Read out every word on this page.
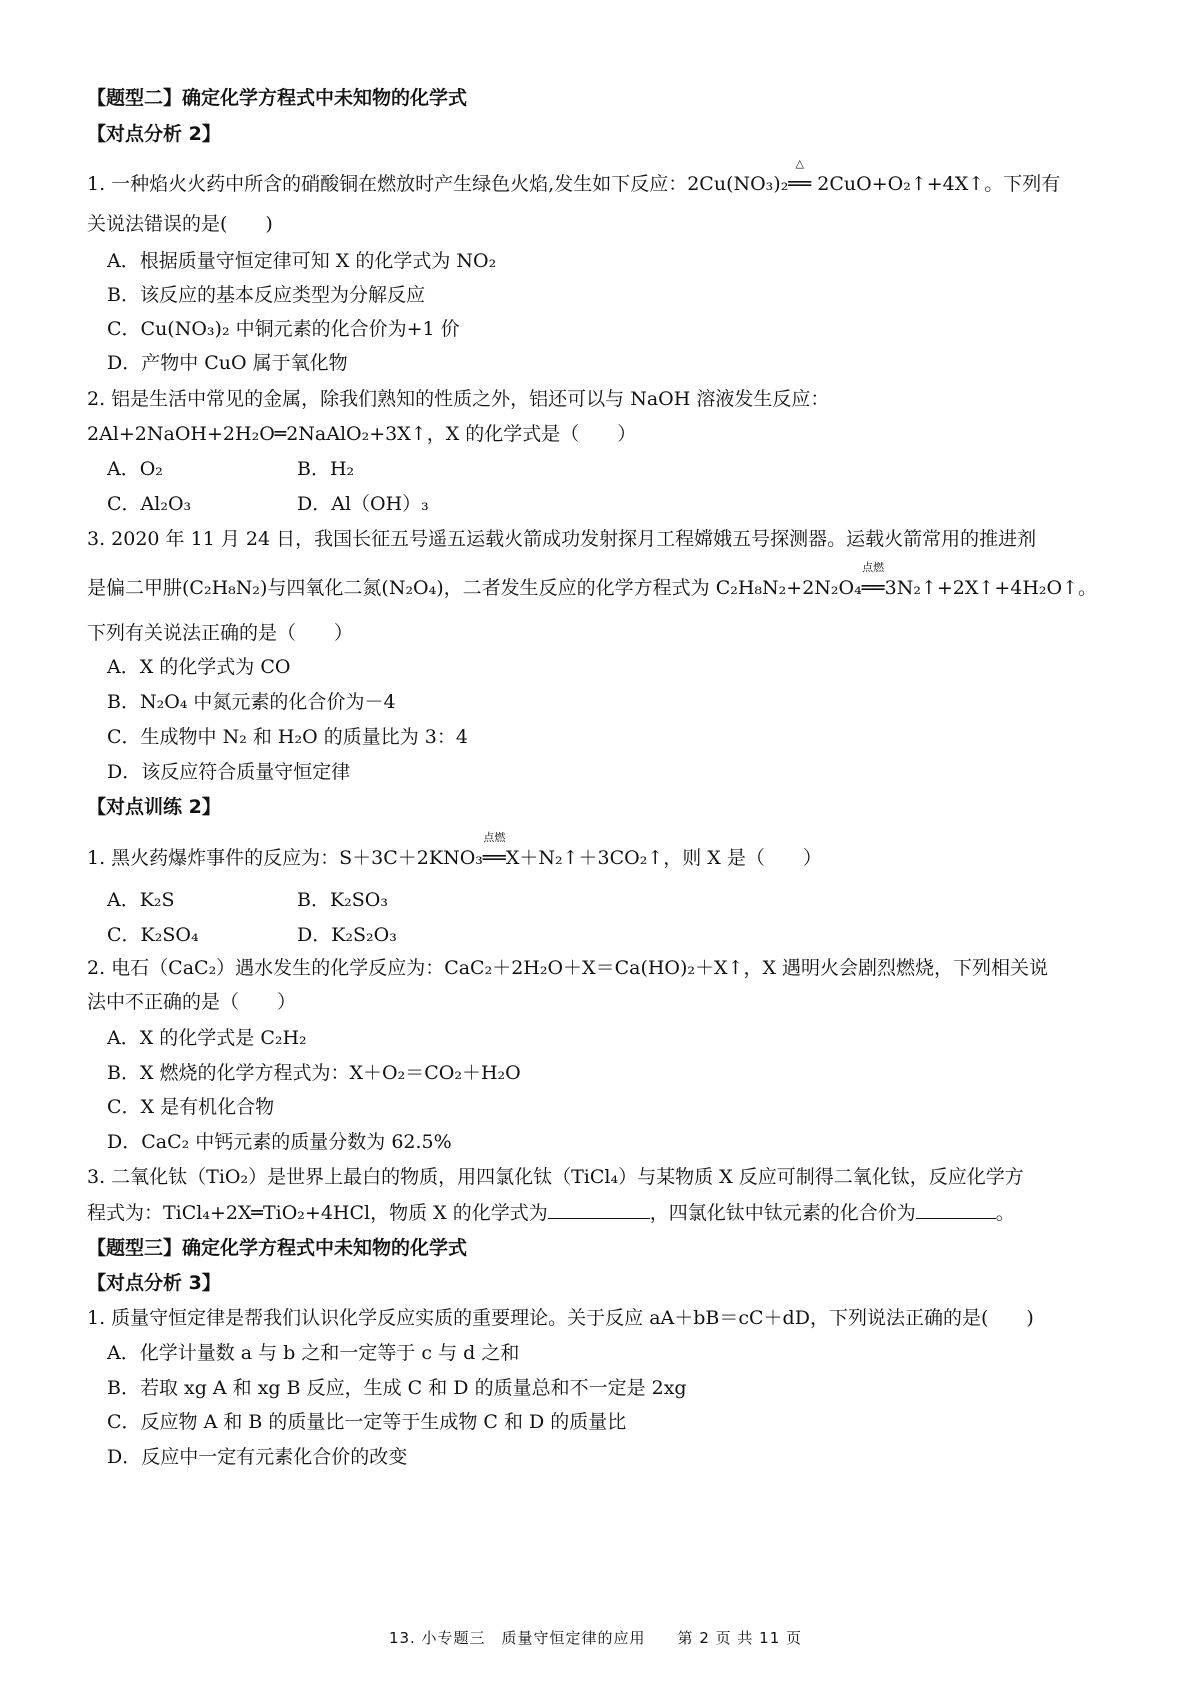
【题型二】确定化学方程式中未知物的化学式
【对点分析 2】
1. 一种焰火火药中所含的硝酸铜在燃放时产生绿色火焰,发生如下反应：2Cu(NO₃)₂
△
══ 2CuO+O₂↑+4X↑。下列有
关说法错误的是(　　)
A．根据质量守恒定律可知 X 的化学式为 NO₂
B．该反应的基本反应类型为分解反应
C．Cu(NO₃)₂ 中铜元素的化合价为+1 价
D．产物中 CuO 属于氧化物
2. 铝是生活中常见的金属，除我们熟知的性质之外，铝还可以与 NaOH 溶液发生反应：
2Al+2NaOH+2H₂O═2NaAlO₂+3X↑，X 的化学式是（　　）
A．O₂	B．H₂
C．Al₂O₃	D．Al（OH）₃
3. 2020 年 11 月 24 日，我国长征五号遥五运载火箭成功发射探月工程嫦娥五号探测器。运载火箭常用的推进剂
是偏二甲肼(C₂H₈N₂)与四氧化二氮(N₂O₄)，二者发生反应的化学方程式为 C₂H₈N₂+2N₂O₄
点燃
══3N₂↑+2X↑+4H₂O↑。
下列有关说法正确的是（　　）
A．X 的化学式为 CO
B．N₂O₄ 中氮元素的化合价为－4
C．生成物中 N₂ 和 H₂O 的质量比为 3：4
D．该反应符合质量守恒定律
【对点训练 2】
1. 黑火药爆炸事件的反应为：S＋3C＋2KNO₃
点燃
══X＋N₂↑＋3CO₂↑，则 X 是（　　）
A．K₂S	B．K₂SO₃
C．K₂SO₄	D．K₂S₂O₃
2. 电石（CaC₂）遇水发生的化学反应为：CaC₂＋2H₂O＋X＝Ca(HO)₂＋X↑，X 遇明火会剧烈燃烧，下列相关说
法中不正确的是（　　）
A．X 的化学式是 C₂H₂
B．X 燃烧的化学方程式为：X＋O₂＝CO₂＋H₂O
C．X 是有机化合物
D．CaC₂ 中钙元素的质量分数为 62.5%
3. 二氧化钛（TiO₂）是世界上最白的物质，用四氯化钛（TiCl₄）与某物质 X 反应可制得二氧化钛，反应化学方
程式为：TiCl₄+2X═TiO₂+4HCl，物质 X 的化学式为	，四氯化钛中钛元素的化合价为	。
【题型三】确定化学方程式中未知物的化学式
【对点分析 3】
1. 质量守恒定律是帮我们认识化学反应实质的重要理论。关于反应 aA＋bB＝cC＋dD，下列说法正确的是(　　)
A．化学计量数 a 与 b 之和一定等于 c 与 d 之和
B．若取 xg A 和 xg B 反应，生成 C 和 D 的质量总和不一定是 2xg
C．反应物 A 和 B 的质量比一定等于生成物 C 和 D 的质量比
D．反应中一定有元素化合价的改变
13. 小专题三　质量守恒定律的应用　　第 2 页 共 11 页
